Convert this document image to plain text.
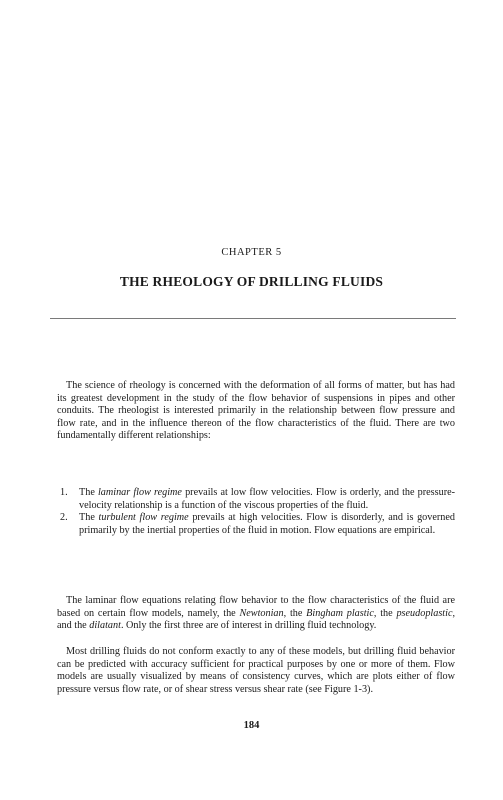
CHAPTER 5
THE RHEOLOGY OF DRILLING FLUIDS

The science of rheology is concerned with the deformation of all forms of matter, but has had its greatest development in the study of the flow behavior of suspensions in pipes and other conduits. The rheologist is interested primarily in the relationship between flow pressure and flow rate, and in the influence thereon of the flow characteristics of the fluid. There are two fundamentally different relationships:

1. The laminar flow regime prevails at low flow velocities. Flow is orderly, and the pressure-velocity relationship is a function of the viscous properties of the fluid.
2. The turbulent flow regime prevails at high velocities. Flow is disorderly, and is governed primarily by the inertial properties of the fluid in motion. Flow equations are empirical.

The laminar flow equations relating flow behavior to the flow characteristics of the fluid are based on certain flow models, namely, the Newtonian, the Bingham plastic, the pseudoplastic, and the dilatant. Only the first three are of interest in drilling fluid technology.

Most drilling fluids do not conform exactly to any of these models, but drilling fluid behavior can be predicted with accuracy sufficient for practical purposes by one or more of them. Flow models are usually visualized by means of consistency curves, which are plots either of flow pressure versus flow rate, or of shear stress versus shear rate (see Figure 1-3).

184
